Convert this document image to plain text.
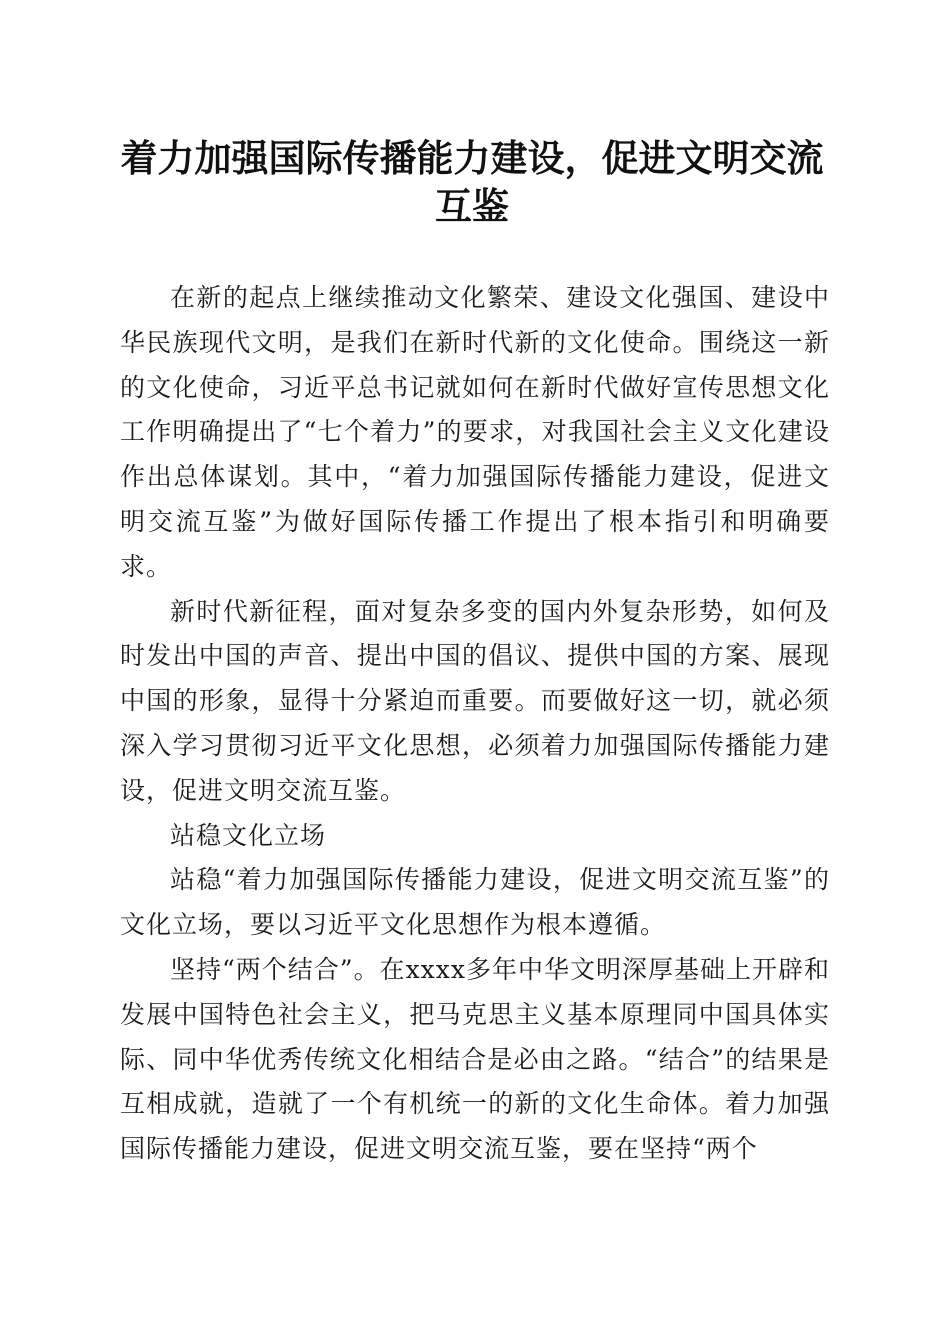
着力加强国际传播能力建设，促进文明交流互鉴

在新的起点上继续推动文化繁荣、建设文化强国、建设中华民族现代文明，是我们在新时代新的文化使命。围绕这一新的文化使命，习近平总书记就如何在新时代做好宣传思想文化工作明确提出了“七个着力”的要求，对我国社会主义文化建设作出总体谋划。其中，“着力加强国际传播能力建设，促进文明交流互鉴”为做好国际传播工作提出了根本指引和明确要求。

新时代新征程，面对复杂多变的国内外复杂形势，如何及时发出中国的声音、提出中国的倡议、提供中国的方案、展现中国的形象，显得十分紧迫而重要。而要做好这一切，就必须深入学习贯彻习近平文化思想，必须着力加强国际传播能力建设，促进文明交流互鉴。

站稳文化立场

站稳“着力加强国际传播能力建设，促进文明交流互鉴”的文化立场，要以习近平文化思想作为根本遵循。

坚持“两个结合”。在xxxx多年中华文明深厚基础上开辟和发展中国特色社会主义，把马克思主义基本原理同中国具体实际、同中华优秀传统文化相结合是必由之路。“结合”的结果是互相成就，造就了一个有机统一的新的文化生命体。着力加强国际传播能力建设，促进文明交流互鉴，要在坚持“两个
